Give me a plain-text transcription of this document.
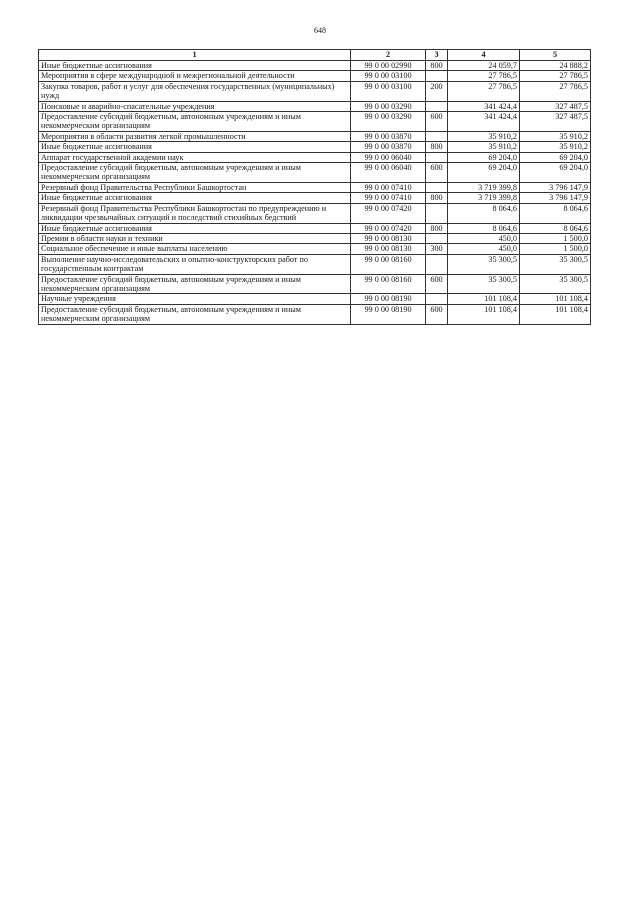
648
1	2	3	4	5
Иные бюджетные ассигнования	99 0 00 02990	800	24 059,7	24 888,2
Мероприятия в сфере международной и межрегиональной деятельности	99 0 00 03100		27 786,5	27 786,5
Закупка товаров, работ и услуг для обеспечения государственных (муниципальных) нужд	99 0 00 03100	200	27 786,5	27 786,5
Поисковые и аварийно-спасательные учреждения	99 0 00 03290		341 424,4	327 487,5
Предоставление субсидий бюджетным, автономным учреждениям и иным некоммерческим организациям	99 0 00 03290	600	341 424,4	327 487,5
Мероприятия в области развития легкой промышленности	99 0 00 03870		35 910,2	35 910,2
Иные бюджетные ассигнования	99 0 00 03870	800	35 910,2	35 910,2
Аппарат государственной академии наук	99 0 00 06040		69 204,0	69 204,0
Предоставление субсидий бюджетным, автономным учреждениям и иным некоммерческим организациям	99 0 00 06040	600	69 204,0	69 204,0
Резервный фонд Правительства Республики Башкортостан	99 0 00 07410		3 719 399,8	3 796 147,9
Иные бюджетные ассигнования	99 0 00 07410	800	3 719 399,8	3 796 147,9
Резервный фонд Правительства Республики Башкортостан по предупреждению и ликвидации чрезвычайных ситуаций и последствий стихийных бедствий	99 0 00 07420		8 064,6	8 064,6
Иные бюджетные ассигнования	99 0 00 07420	800	8 064,6	8 064,6
Премии в области науки и техники	99 0 00 08130		450,0	1 500,0
Социальное обеспечение и иные выплаты населению	99 0 00 08130	300	450,0	1 500,0
Выполнение научно-исследовательских и опытно-конструкторских работ по государственным контрактам	99 0 00 08160		35 300,5	35 300,5
Предоставление субсидий бюджетным, автономным учреждениям и иным некоммерческим организациям	99 0 00 08160	600	35 300,5	35 300,5
Научные учреждения	99 0 00 08190		101 108,4	101 108,4
Предоставление субсидий бюджетным, автономным учреждениям и иным некоммерческим организациям	99 0 00 08190	600	101 108,4	101 108,4
